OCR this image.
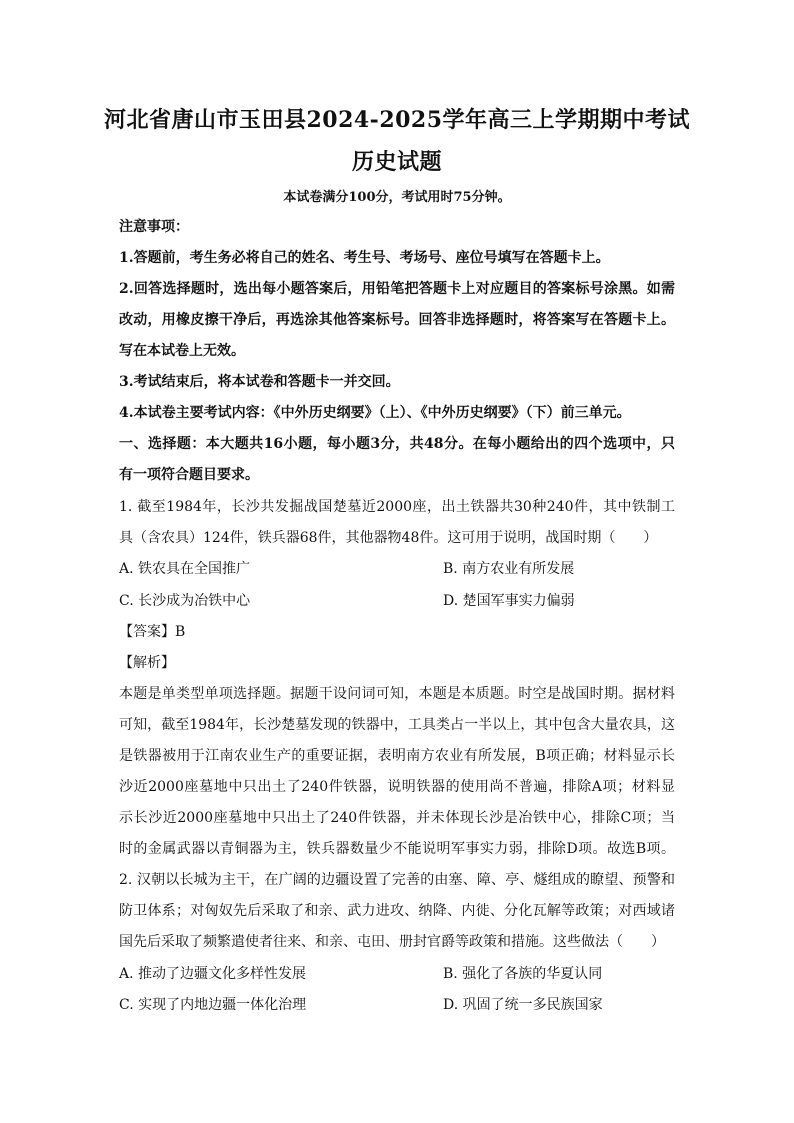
河北省唐山市玉田县2024-2025学年高三上学期期中考试
历史试题
本试卷满分100分，考试用时75分钟。
注意事项：
1.答题前，考生务必将自己的姓名、考生号、考场号、座位号填写在答题卡上。
2.回答选择题时，选出每小题答案后，用铅笔把答题卡上对应题目的答案标号涂黑。如需
改动，用橡皮擦干净后，再选涂其他答案标号。回答非选择题时，将答案写在答题卡上。
写在本试卷上无效。
3.考试结束后，将本试卷和答题卡一并交回。
4.本试卷主要考试内容：《中外历史纲要》（上）、《中外历史纲要》（下）前三单元。
一、选择题：本大题共16小题，每小题3分，共48分。在每小题给出的四个选项中，只
有一项符合题目要求。
1. 截至1984年，长沙共发掘战国楚墓近2000座，出土铁器共30种240件，其中铁制工
具（含农具）124件，铁兵器68件，其他器物48件。这可用于说明，战国时期（　　）
A. 铁农具在全国推广	B. 南方农业有所发展
C. 长沙成为冶铁中心	D. 楚国军事实力偏弱
【答案】B
【解析】
本题是单类型单项选择题。据题干设问词可知，本题是本质题。时空是战国时期。据材料
可知，截至1984年，长沙楚墓发现的铁器中，工具类占一半以上，其中包含大量农具，这
是铁器被用于江南农业生产的重要证据，表明南方农业有所发展，B项正确；材料显示长
沙近2000座墓地中只出土了240件铁器，说明铁器的使用尚不普遍，排除A项；材料显
示长沙近2000座墓地中只出土了240件铁器，并未体现长沙是冶铁中心，排除C项；当
时的金属武器以青铜器为主，铁兵器数量少不能说明军事实力弱，排除D项。故选B项。
2. 汉朝以长城为主干，在广阔的边疆设置了完善的由塞、障、亭、燧组成的瞭望、预警和
防卫体系；对匈奴先后采取了和亲、武力进攻、纳降、内徙、分化瓦解等政策；对西域诸
国先后采取了频繁遣使者往来、和亲、屯田、册封官爵等政策和措施。这些做法（　　）
A. 推动了边疆文化多样性发展	B. 强化了各族的华夏认同
C. 实现了内地边疆一体化治理	D. 巩固了统一多民族国家
